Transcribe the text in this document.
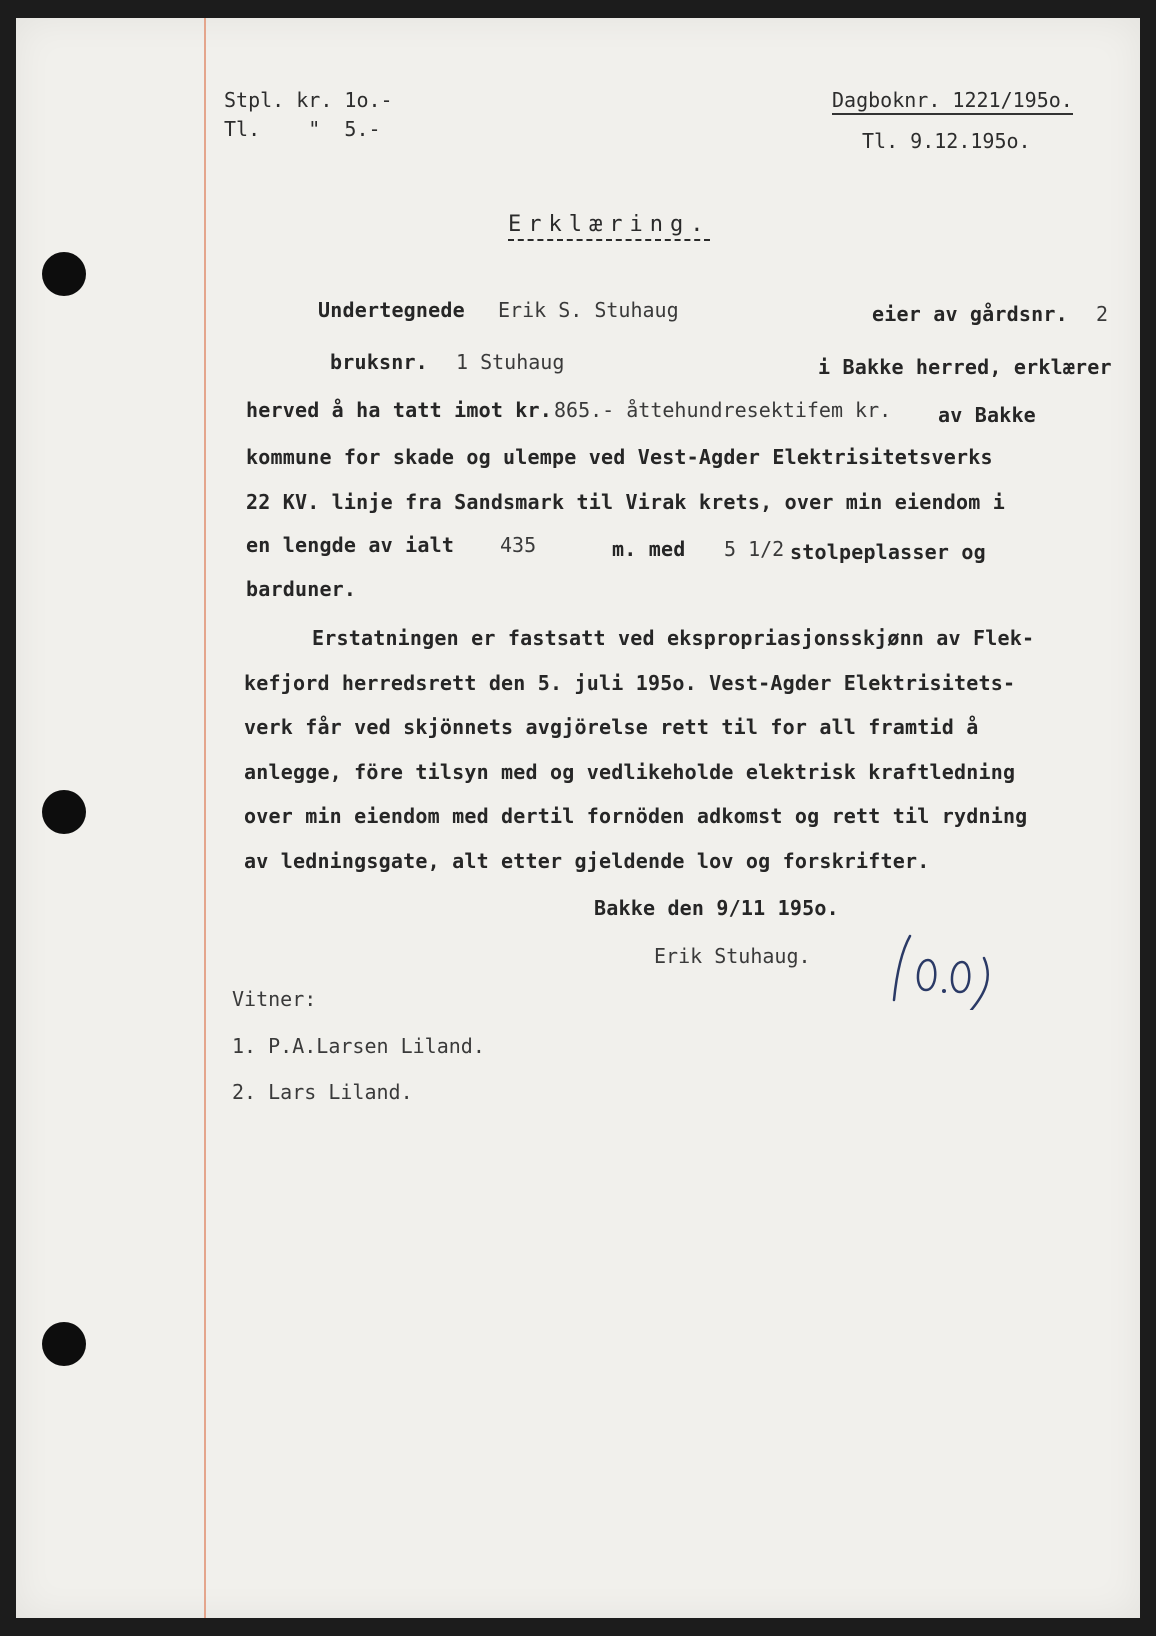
Stpl. kr. 1o.-
Tl.    "  5.-
Dagboknr. 1221/195o.
Tl. 9.12.195o.
Erklæring.
Undertegnede Erik S. Stuhaug	eier av gårdsnr. 2
bruksnr. 1 Stuhaug	i Bakke herred, erklærer
herved å ha tatt imot kr. 865.- åttehundresektifem kr. av Bakke
kommune for skade og ulempe ved Vest-Agder Elektrisitetsverks
22 KV. linje fra Sandsmark til Virak krets, over min eiendom i
en lengde av ialt 435	m. med 5 1/2 stolpeplasser og
barduner.
Erstatningen er fastsatt ved ekspropriasjonsskjønn av Flek-
kefjord herredsrett den 5. juli 195o. Vest-Agder Elektrisitets-
verk får ved skjönnets avgjörelse rett til for all framtid å
anlegge, före tilsyn med og vedlikeholde elektrisk kraftledning
over min eiendom med dertil fornöden adkomst og rett til rydning
av ledningsgate, alt etter gjeldende lov og forskrifter.
Bakke den 9/11 195o.
Erik Stuhaug.
Vitner:
1. P.A.Larsen Liland.
2. Lars Liland.
